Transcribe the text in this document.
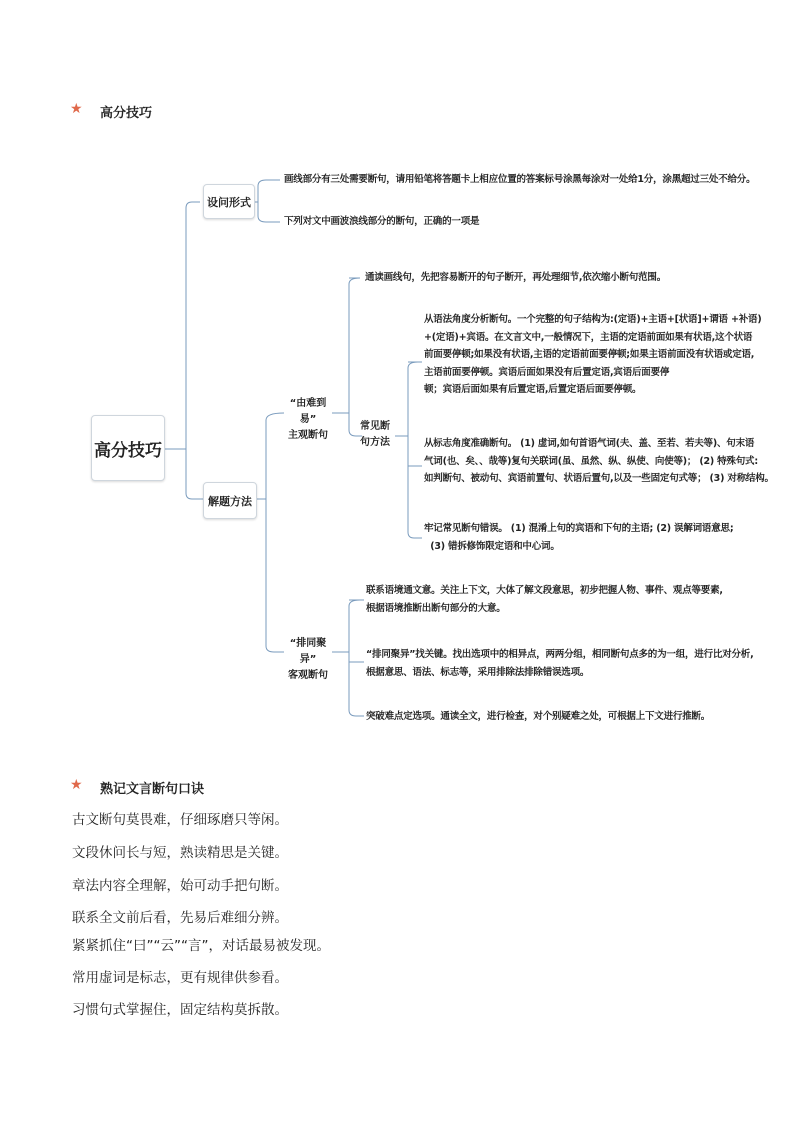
★ 高分技巧
高分技巧
设问形式
画线部分有三处需要断句，请用铅笔将答题卡上相应位置的答案标号涂黑每涂对一处给1分，涂黑超过三处不给分。
下列对文中画波浪线部分的断句，正确的一项是
解题方法
“由难到易”
主观断句
通读画线句，先把容易断开的句子断开，再处理细节,依次缩小断句范围。
常见断
句方法
从语法角度分析断句。一个完整的句子结构为:(定语)+主语+[状语]+谓语 +补语)
+(定语)+宾语。在文言文中,一般情况下，主语的定语前面如果有状语,这个状语
前面要停顿;如果没有状语,主语的定语前面要停顿;如果主语前面没有状语或定语,
主语前面要停顿。宾语后面如果没有后置定语,宾语后面要停
顿；宾语后面如果有后置定语,后置定语后面要停顿。
从标志角度准确断句。 (1) 虚词,如句首语气词(夫、盖、至若、若夫等)、句末语
气词(也、矣、、哉等)复句关联词(虽、虽然、纵、纵使、向使等)； (2) 特殊句式:
如判断句、被动句、宾语前置句、状语后置句,以及一些固定句式等； (3) 对称结构。
牢记常见断句错误。 (1) 混淆上句的宾语和下句的主语; (2) 误解词语意思;
(3) 错拆修饰限定语和中心词。
“排同聚异”
客观断句
联系语境通文意。关注上下文，大体了解文段意思，初步把握人物、事件、观点等要素,
根据语境推断出断句部分的大意。
“排同聚异”找关键。找出选项中的相异点，两两分组，相同断句点多的为一组，进行比对分析,
根据意思、语法、标志等，采用排除法排除错误选项。
突破难点定选项。通读全文，进行检查，对个别疑难之处，可根据上下文进行推断。
★ 熟记文言断句口诀
古文断句莫畏难，仔细琢磨只等闲。
文段休问长与短，熟读精思是关键。
章法内容全理解，始可动手把句断。
联系全文前后看，先易后难细分辨。
紧紧抓住“曰”“云”“言”，对话最易被发现。
常用虚词是标志，更有规律供参看。
习惯句式掌握住，固定结构莫拆散。
